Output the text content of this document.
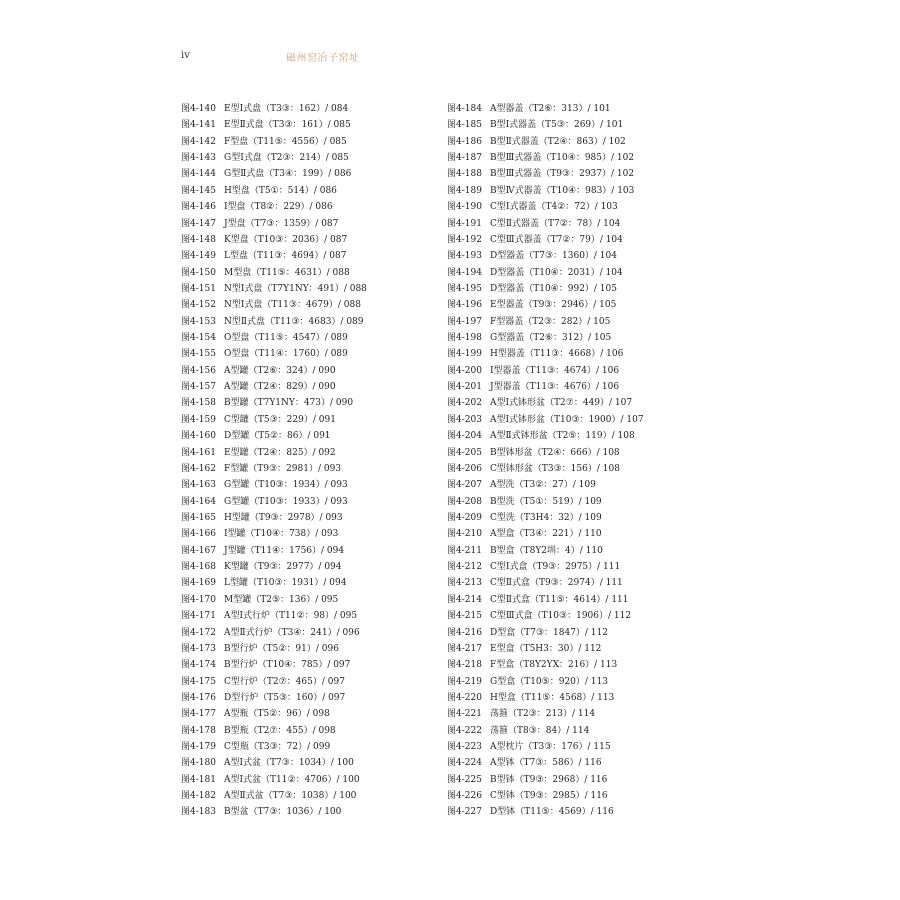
iv	磁州窑冶子窑址
图4-140 E型Ⅰ式盘（T3③：162）/ 084
图4-141 E型Ⅱ式盘（T3③：161）/ 085
图4-142 F型盘（T11⑤：4556）/ 085
图4-143 G型Ⅰ式盘（T2③：214）/ 085
图4-144 G型Ⅱ式盘（T3④：199）/ 086
图4-145 H型盘（T5①：514）/ 086
图4-146 I型盘（T8②：229）/ 086
图4-147 J型盘（T7③：1359）/ 087
图4-148 K型盘（T10③：2036）/ 087
图4-149 L型盘（T11③：4694）/ 087
图4-150 M型盘（T11⑤：4631）/ 088
图4-151 N型Ⅰ式盘（T7Y1NY：491）/ 088
图4-152 N型Ⅰ式盘（T11③：4679）/ 088
图4-153 N型Ⅱ式盘（T11③：4683）/ 089
图4-154 O型盘（T11⑤：4547）/ 089
图4-155 O型盘（T11④：1760）/ 089
图4-156 A型罐（T2⑥：324）/ 090
图4-157 A型罐（T2④：829）/ 090
图4-158 B型罐（T7Y1NY：473）/ 090
图4-159 C型罐（T5③：229）/ 091
图4-160 D型罐（T5②：86）/ 091
图4-161 E型罐（T2④：825）/ 092
图4-162 F型罐（T9③：2981）/ 093
图4-163 G型罐（T10③：1934）/ 093
图4-164 G型罐（T10③：1933）/ 093
图4-165 H型罐（T9③：2978）/ 093
图4-166 I型罐（T10④：738）/ 093
图4-167 J型罐（T11④：1756）/ 094
图4-168 K型罐（T9③：2977）/ 094
图4-169 L型罐（T10③：1931）/ 094
图4-170 M型罐（T2⑤：136）/ 095
图4-171 A型Ⅰ式行炉（T11②：98）/ 095
图4-172 A型Ⅱ式行炉（T3④：241）/ 096
图4-173 B型行炉（T5②：91）/ 096
图4-174 B型行炉（T10④：785）/ 097
图4-175 C型行炉（T2⑦：465）/ 097
图4-176 D型行炉（T5③：160）/ 097
图4-177 A型瓶（T5②：96）/ 098
图4-178 B型瓶（T2⑦：455）/ 098
图4-179 C型瓶（T3③：72）/ 099
图4-180 A型Ⅰ式盆（T7③：1034）/ 100
图4-181 A型Ⅰ式盆（T11②：4706）/ 100
图4-182 A型Ⅱ式盆（T7③：1038）/ 100
图4-183 B型盆（T7③：1036）/ 100
图4-184 A型器盖（T2⑥：313）/ 101
图4-185 B型Ⅰ式器盖（T5③：269）/ 101
图4-186 B型Ⅱ式器盖（T2④：863）/ 102
图4-187 B型Ⅲ式器盖（T10④：985）/ 102
图4-188 B型Ⅲ式器盖（T9③：2937）/ 102
图4-189 B型Ⅳ式器盖（T10④：983）/ 103
图4-190 C型Ⅰ式器盖（T4②：72）/ 103
图4-191 C型Ⅱ式器盖（T7②：78）/ 104
图4-192 C型Ⅲ式器盖（T7②：79）/ 104
图4-193 D型器盖（T7③：1360）/ 104
图4-194 D型器盖（T10④：2031）/ 104
图4-195 D型器盖（T10④：992）/ 105
图4-196 E型器盖（T9③：2946）/ 105
图4-197 F型器盖（T2③：282）/ 105
图4-198 G型器盖（T2⑥：312）/ 105
图4-199 H型器盖（T11③：4668）/ 106
图4-200 I型器盖（T11③：4674）/ 106
图4-201 J型器盖（T11③：4676）/ 106
图4-202 A型Ⅰ式钵形盆（T2⑦：449）/ 107
图4-203 A型Ⅰ式钵形盆（T10③：1900）/ 107
图4-204 A型Ⅱ式钵形盆（T2⑤：119）/ 108
图4-205 B型钵形盆（T2④：666）/ 108
图4-206 C型钵形盆（T3③：156）/ 108
图4-207 A型洗（T3②：27）/ 109
图4-208 B型洗（T5①：519）/ 109
图4-209 C型洗（T3H4：32）/ 109
图4-210 A型盒（T3④：221）/ 110
图4-211 B型盒（T8Y2圳：4）/ 110
图4-212 C型Ⅰ式盒（T9③：2975）/ 111
图4-213 C型Ⅱ式盒（T9③：2974）/ 111
图4-214 C型Ⅱ式盒（T11⑤：4614）/ 111
图4-215 C型Ⅲ式盒（T10③：1906）/ 112
图4-216 D型盒（T7③：1847）/ 112
图4-217 E型盒（T5H3：30）/ 112
图4-218 F型盒（T8Y2YX：216）/ 113
图4-219 G型盒（T10⑤：920）/ 113
图4-220 H型盒（T11⑤：4568）/ 113
图4-221 荡箍（T2③：213）/ 114
图4-222 荡箍（T8③：84）/ 114
图4-223 A型枕片（T3③：176）/ 115
图4-224 A型钵（T7③：586）/ 116
图4-225 B型钵（T9③：2968）/ 116
图4-226 C型钵（T9③：2985）/ 116
图4-227 D型钵（T11⑤：4569）/ 116
